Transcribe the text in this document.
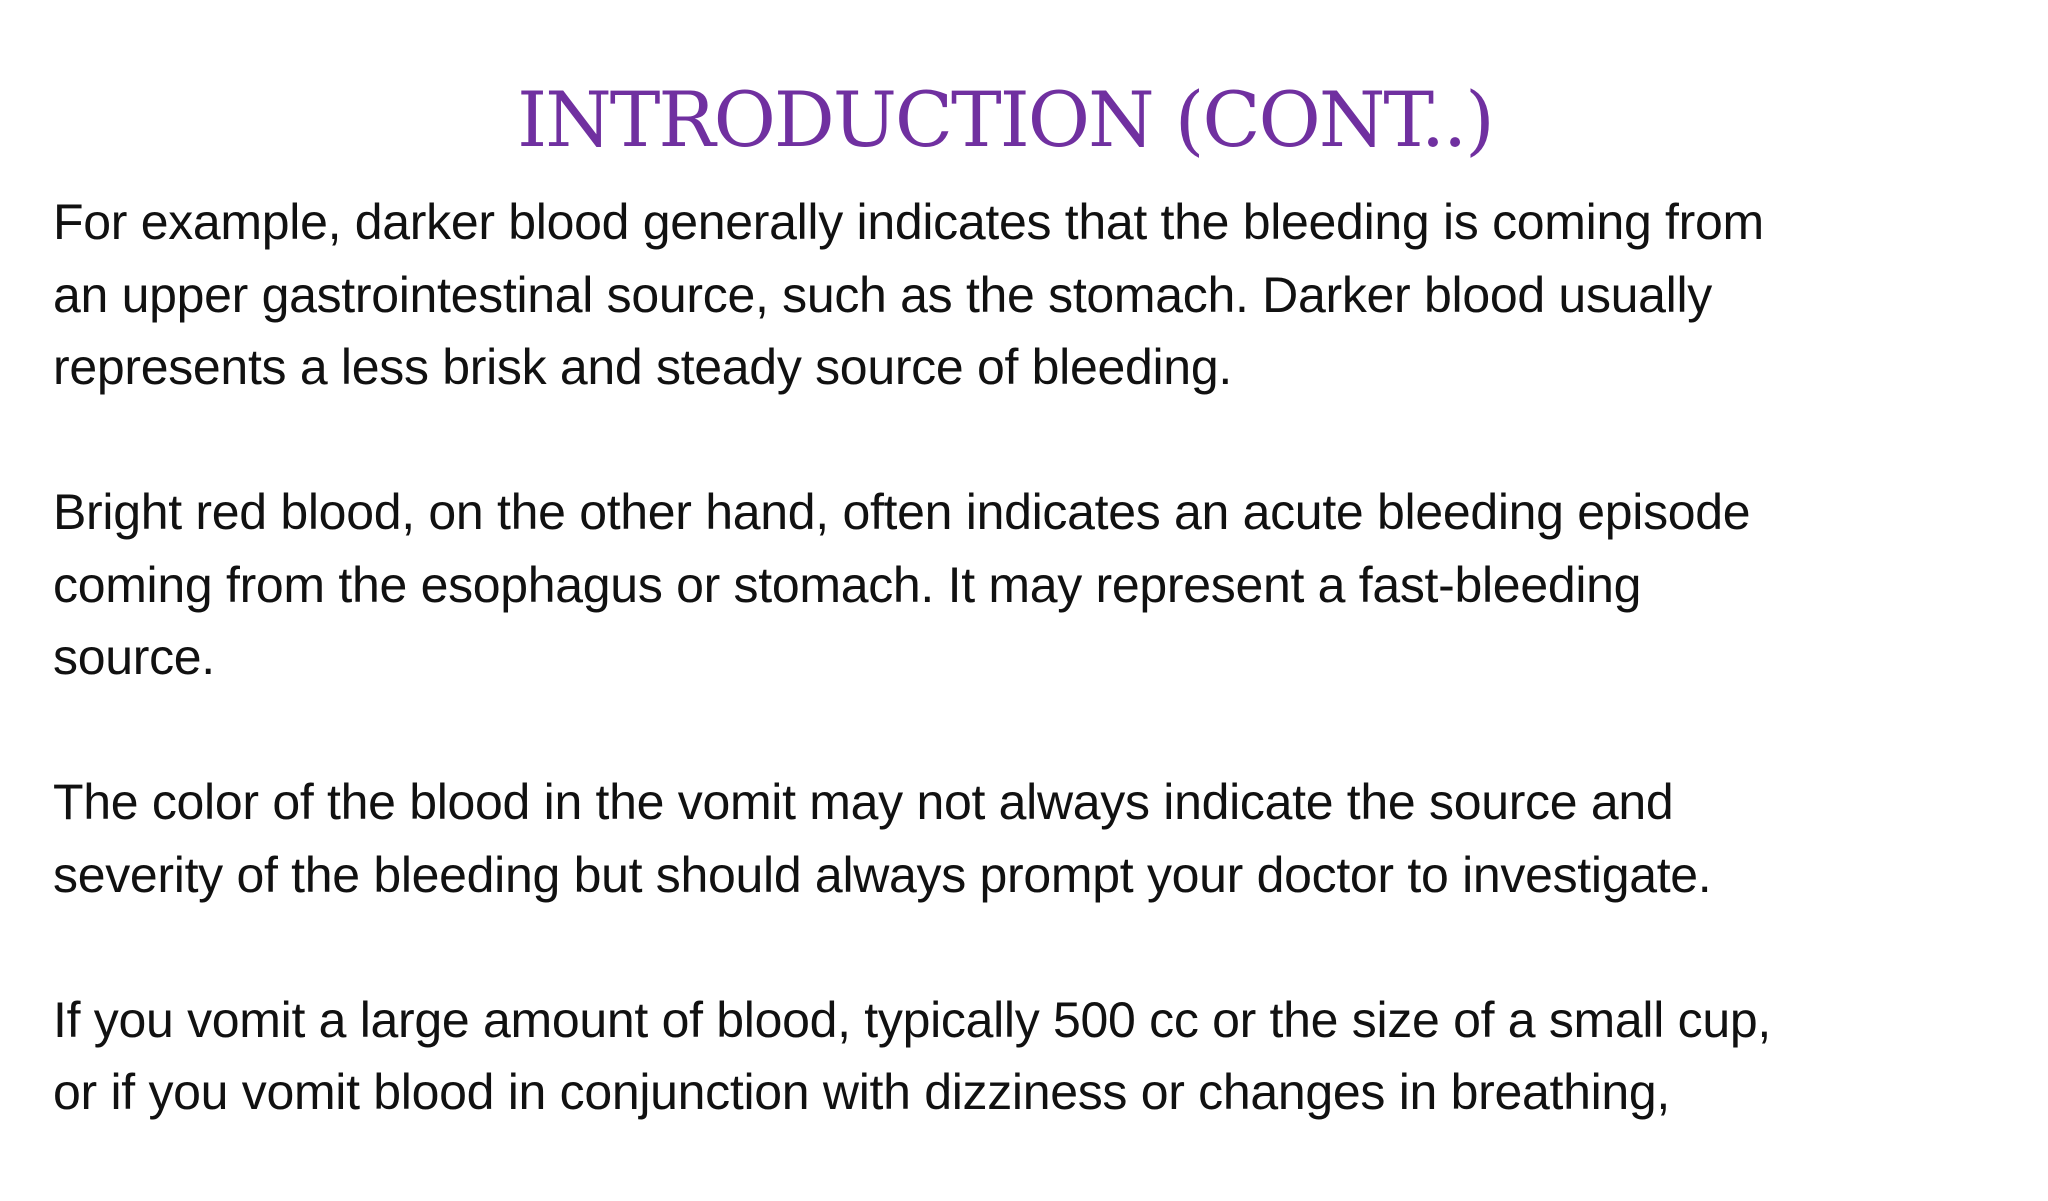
INTRODUCTION (CONT..)

For example, darker blood generally indicates that the bleeding is coming from
an upper gastrointestinal source, such as the stomach. Darker blood usually
represents a less brisk and steady source of bleeding.

Bright red blood, on the other hand, often indicates an acute bleeding episode
coming from the esophagus or stomach. It may represent a fast-bleeding
source.

The color of the blood in the vomit may not always indicate the source and
severity of the bleeding but should always prompt your doctor to investigate.

If you vomit a large amount of blood, typically 500 cc or the size of a small cup,
or if you vomit blood in conjunction with dizziness or changes in breathing,
